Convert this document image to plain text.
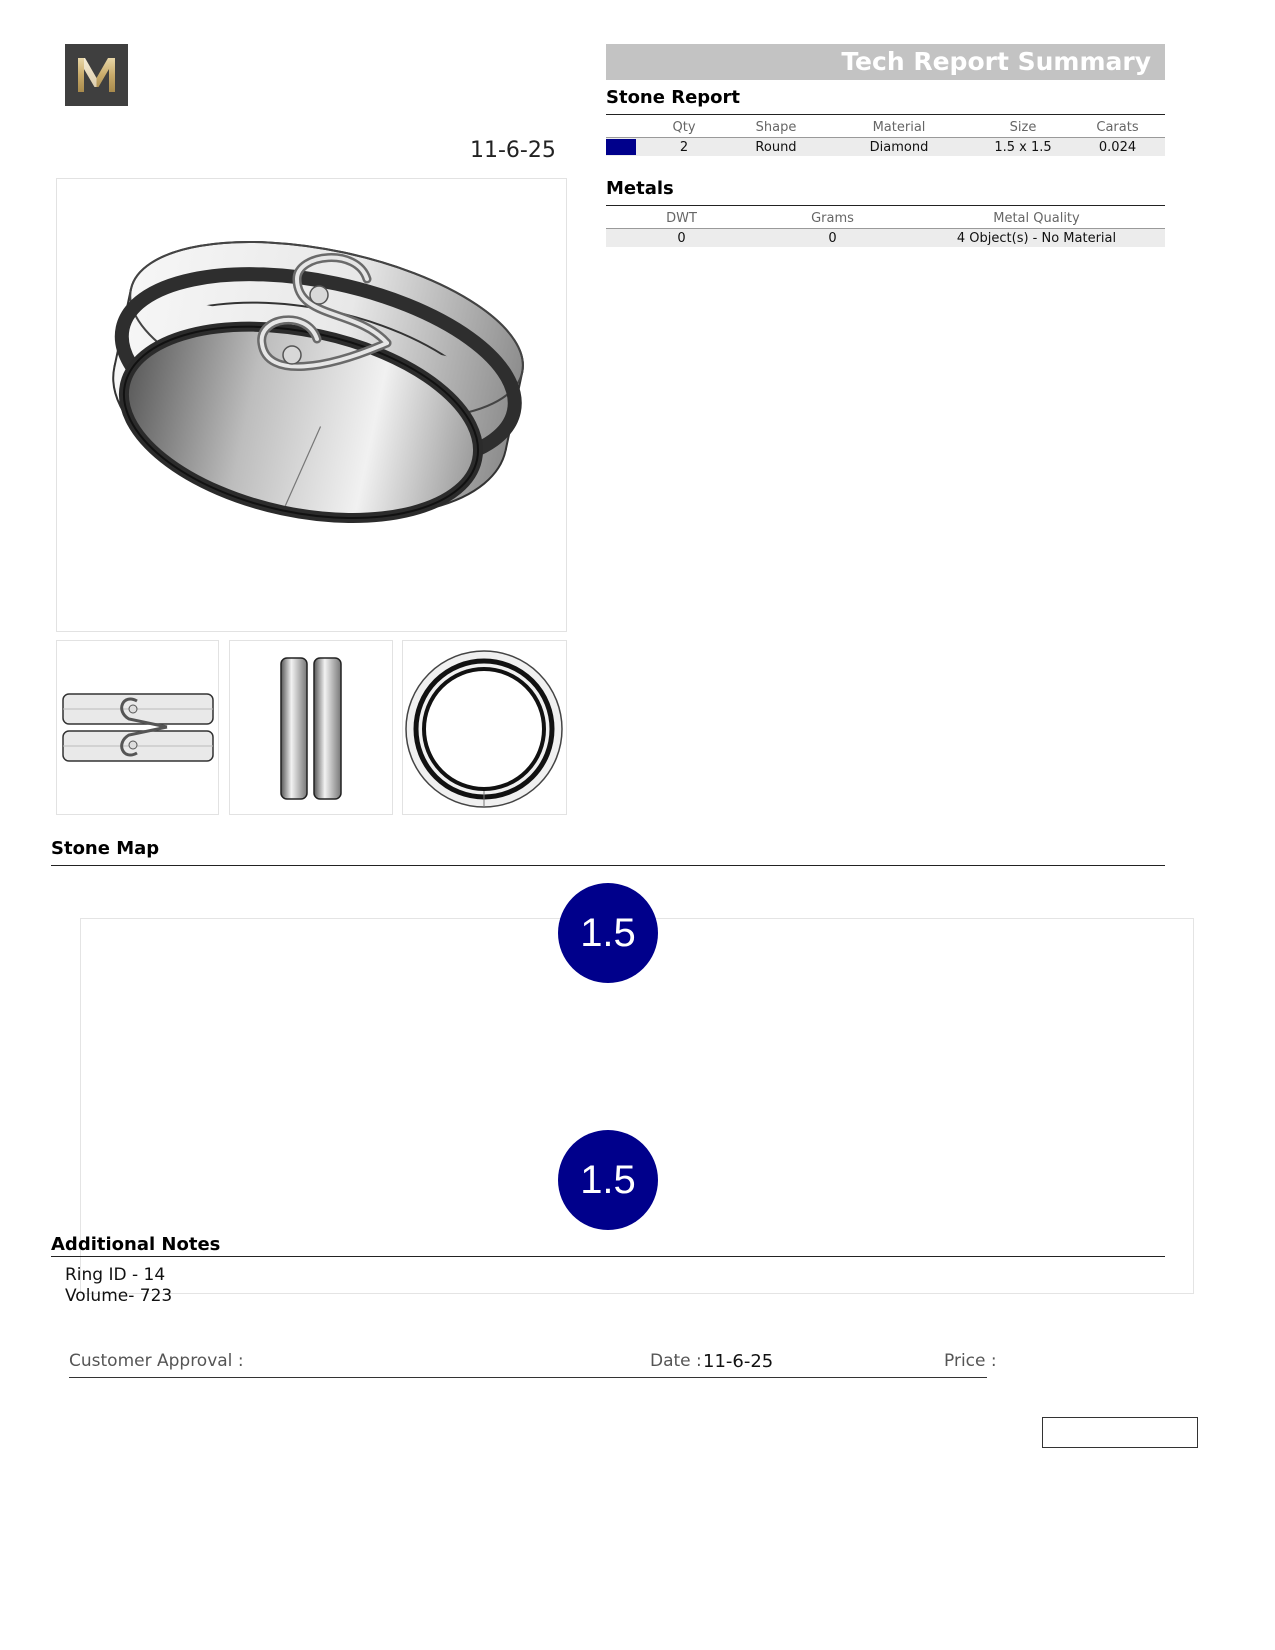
11-6-25
Tech Report Summary
Stone Report
	Qty	Shape	Material	Size	Carats

	2	Round	Diamond	1.5 x 1.5	0.024
Metals
DWT	Grams	Metal Quality
0	0	4 Object(s) - No Material
Stone Map
1.5
1.5
Additional Notes
Ring ID - 14
Volume- 723
Customer Approval :	Date : 11-6-25	Price :
